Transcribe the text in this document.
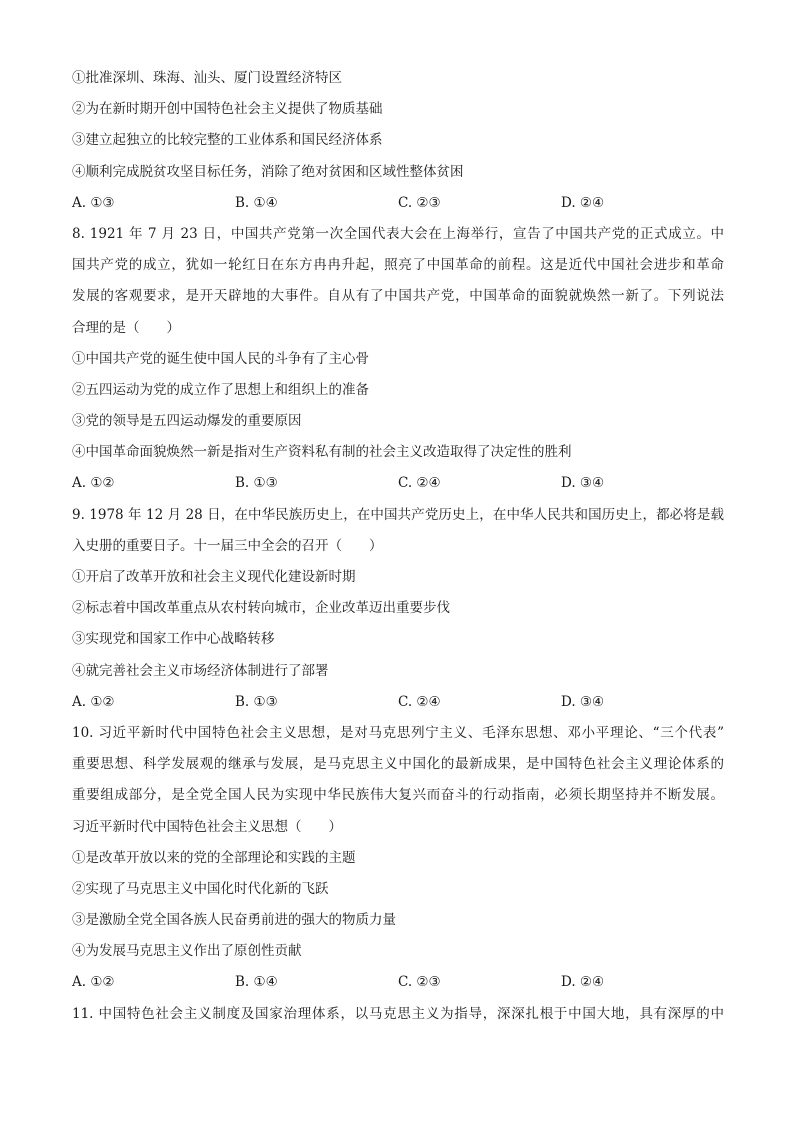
①批准深圳、珠海、汕头、厦门设置经济特区
②为在新时期开创中国特色社会主义提供了物质基础
③建立起独立的比较完整的工业体系和国民经济体系
④顺利完成脱贫攻坚目标任务，消除了绝对贫困和区域性整体贫困
A. ①③	B. ①④	C. ②③	D. ②④
8. 1921 年 7 月 23 日，中国共产党第一次全国代表大会在上海举行，宣告了中国共产党的正式成立。中
国共产党的成立，犹如一轮红日在东方冉冉升起，照亮了中国革命的前程。这是近代中国社会进步和革命
发展的客观要求，是开天辟地的大事件。自从有了中国共产党，中国革命的面貌就焕然一新了。下列说法
合理的是（　　）
①中国共产党的诞生使中国人民的斗争有了主心骨
②五四运动为党的成立作了思想上和组织上的准备
③党的领导是五四运动爆发的重要原因
④中国革命面貌焕然一新是指对生产资料私有制的社会主义改造取得了决定性的胜利
A. ①②	B. ①③	C. ②④	D. ③④
9. 1978 年 12 月 28 日，在中华民族历史上，在中国共产党历史上，在中华人民共和国历史上，都必将是载
入史册的重要日子。十一届三中全会的召开（　　）
①开启了改革开放和社会主义现代化建设新时期
②标志着中国改革重点从农村转向城市，企业改革迈出重要步伐
③实现党和国家工作中心战略转移
④就完善社会主义市场经济体制进行了部署
A. ①②	B. ①③	C. ②④	D. ③④
10. 习近平新时代中国特色社会主义思想，是对马克思列宁主义、毛泽东思想、邓小平理论、“三个代表”
重要思想、科学发展观的继承与发展，是马克思主义中国化的最新成果，是中国特色社会主义理论体系的
重要组成部分，是全党全国人民为实现中华民族伟大复兴而奋斗的行动指南，必须长期坚持并不断发展。
习近平新时代中国特色社会主义思想（　　）
①是改革开放以来的党的全部理论和实践的主题
②实现了马克思主义中国化时代化新的飞跃
③是激励全党全国各族人民奋勇前进的强大的物质力量
④为发展马克思主义作出了原创性贡献
A. ①②	B. ①④	C. ②③	D. ②④
11. 中国特色社会主义制度及国家治理体系，以马克思主义为指导，深深扎根于中国大地，具有深厚的中
